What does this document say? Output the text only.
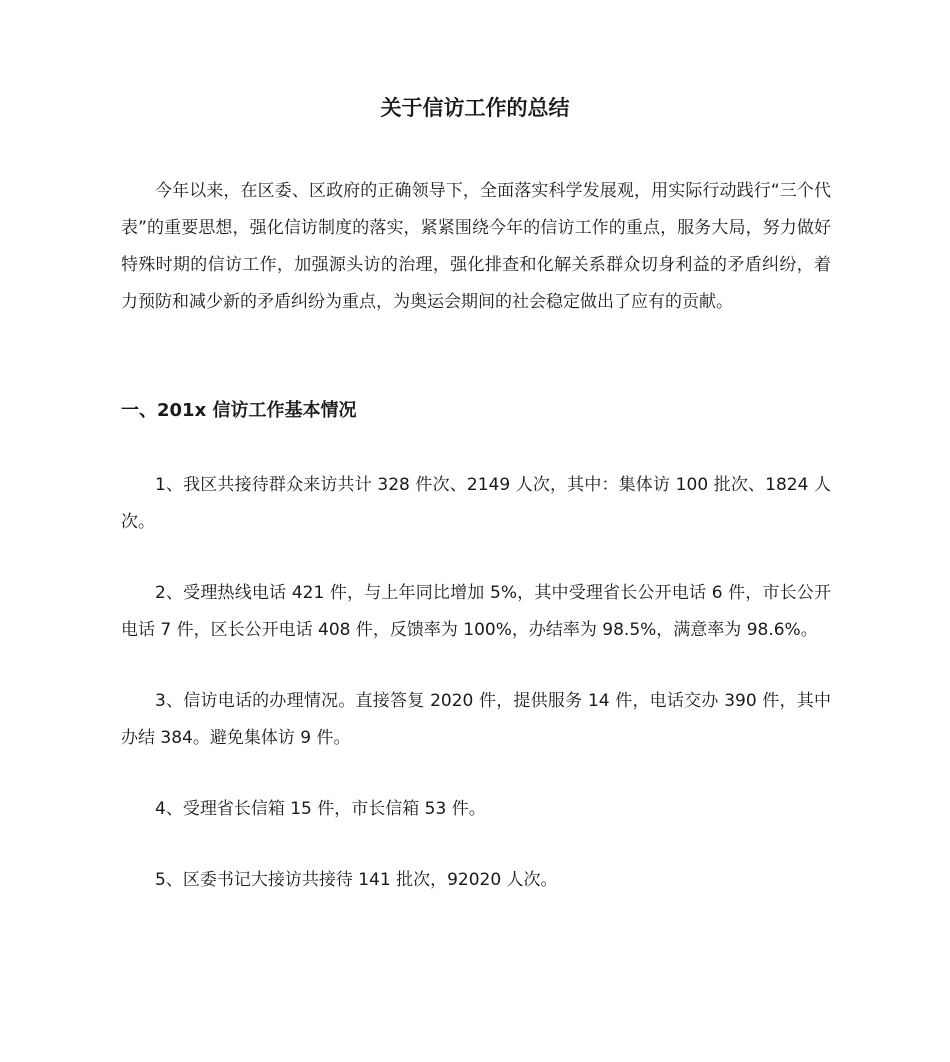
关于信访工作的总结

今年以来，在区委、区政府的正确领导下，全面落实科学发展观，用实际行动践行“三个代表”的重要思想，强化信访制度的落实，紧紧围绕今年的信访工作的重点，服务大局，努力做好特殊时期的信访工作，加强源头访的治理，强化排查和化解关系群众切身利益的矛盾纠纷，着力预防和减少新的矛盾纠纷为重点，为奥运会期间的社会稳定做出了应有的贡献。

一、201x 信访工作基本情况

1、我区共接待群众来访共计 328 件次、2149 人次，其中：集体访 100 批次、1824 人次。

2、受理热线电话 421 件，与上年同比增加 5%，其中受理省长公开电话 6 件，市长公开电话 7 件，区长公开电话 408 件，反馈率为 100%，办结率为 98.5%，满意率为 98.6%。

3、信访电话的办理情况。直接答复 2020 件，提供服务 14 件，电话交办 390 件，其中办结 384。避免集体访 9 件。

4、受理省长信箱 15 件，市长信箱 53 件。

5、区委书记大接访共接待 141 批次，92020 人次。
